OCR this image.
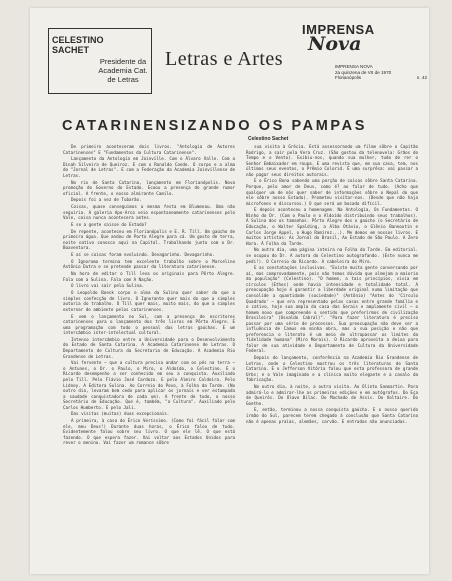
CELESTINO SACHET
Presidente da Academia Cat. de Letras
Letras e Artes
IMPRENSA
Nova
IMPRENSA NOVA
2a quinzena de VII de 1970
Florianópolis	n. 42
CATARINENSIZANDO OS PAMPAS
Celestino Sachet

De primeiro aconteceram dois livros. "Antologia de Autores Catarinenses" E "Fundamentos da Cultura Catarinense".

Lançamento da Antologia em Joinville. Com o Álvaro Valle. Com a Dinah Silveira de Queiroz. E com o Ronaldo Conde. O corpo e a alma do "Jornal de Letras". E com a Federação da Academia Joinvillense de Letras.

No rio de Santa Catarina, lançamento em Florianópolis. Nova promoção do Governo do Estado. Ecoou a presença do grande rumor oficial. A frente, o nosso almirante Camilo.

Depois foi a vez de Tubarão.

Coisas, quase conseguimos a mesma festa em Blumenau. Uma não seguiria. A galeria Apo-Arco veio espontaneamente catarinenses pelo Vale, coisa nunca acontecera antes.

E se a gente saisse do Estado?

De repente, aconteceu em Florianópolis e E. R. Till. Um gaúcho de primeira água. Que andou de Porto Alegre para cá. Um gosto de terra, noite nativo conosco aqui na Capital. Trabalhando junto com o Dr. Boaventura.

E aí se coisas foram evoluindo. Devagarinho. Devagarinho.

O Ignoramo termina tem excelente trabalho sobre o Marcelino Antônio Dutra e se pretende passar da literatura catarinense.

Na hora de editar o Till leva os originais para Pôrto Alegre. Fala com a Sulina. Fala com A Nação.

O livro vai sair pela Sulina.

O Leopoldo Boeck corpo e alma da Sulina quer saber do que a simples confecção de livro. O Ignorante quer mais do que a simples autoria do trabalho. O Till quer mais, muito mais, do que a simples externar de ambiente pelos catarinenses.

E vem o lançamento no Sul, com a presença de escritores catarinenses para o lançamento dos três livros em Pôrto Alegre. E uma programação com todo o pessoal das letras gaúchas. E um intercâmbio inter-intelectual cultural.

Intenso intercâmbio entre a Universidade para o Desenvolvimento do Estado de Santa Catarina. A Academia Catarinense de Letras. O Departamento de Cultura da Secretaria de Educação. A Academia Rio Grandense de Letras.

Vai fervente — que a cultura precisa andar com os pés na terra — o Antunes, o Dr. o Paulo, o Miro, o Aldoído, o Celestino. E o Ricardo desempenho a ser conhecido em seu a conquista. Auxiliado pelo Till. Pelo Flávio José Cardozo. E pelo Almiro Caldeira. Pelo Lidney. A Editora Sulina. Ao Correio do Povo, à Folha da Tarde. (No outro dia, levaram bem cedo para aplicar os jornais e ver estampada a saudade conquistadora de cada um). A frente de tudo, o nosso Secretário de Educação. Que é, também, "a Cultura". Auxiliado pelo Carlos Humberto. E pelo Jali.

Das visitas (muitas) duas excepcionais.

A primeira, à casa do Érico Veríssimo. (Como foi fácil falar com ele, meu Deus!) Durante duas horas, o Érico falou de tudo. Evidentemente falou sobre seu livro. O que ele lê. O que está fazendo. O que espera fazer. Vai voltar aos Estados Unidos para rever o menino. Vai fazer um romance sôbre

sua visita à Grécia. Está assessorando um filme sôbre o Capitão Rodrigo, a saír pela Vera Cruz. (São gostou da telenovela: Grãos do Tempo e o Vento). Exibiu-nos, quando sua mulher, tudo de rer o Senhor Embaixador em roupa. E uma revista que, em sua casa, tem, nos últimos seus eventos, o Prêmio Colorid. É uma surprêsa: vai passar a não pagar seus direitos autorais.

E o Érico Bona sabendo uma porção de coisas sôbre Santa Catarina. Porque, pelo amor de Deus, como é? ao falar de tudo. (Acho que qualquer um de nós quer saber de informações sôbre o Nepal do que ele sôbre nosso Estado). Prometeu visitar-nos. (Desde que não haja microfones e discursos.) O que será um bocado difícil.

E depois aconteceu a homenagem. Na Antologia, Os Fundamentos. O Ninho do Dr. (Com o Paulo e o Aldoído distribuindo seus trabalhos). A Sulina dos os tamanhos. Pôrto Alegre dos o gaúcho (o Secretário de Educação, o Walter Spalding, a Alba Otávio, o Glênio Bannoutin e Carlos Jorge Appel, o Hugo Ramírez...). Me demos em nossos livros. E muitos artistas: As Jornal do Brasil, Ao Estado de São Paulo. A Zero Hora. À Folha da Tarde.

No outro dia, uma página inteira na Folha da Tarde. Em editorial. se ocupou do Dr. A autora do Celestino autografando. (Este nunca me pedi!). O Correio do Ricardo. A cabeleira do Miro.

E as constatações inclusivas. "Existe muita gente conversando por aí, mas comprovadamente, pois não temos dúvida que almejam a maioria da população" (Celestino). "O homem, a tais princípios, vivia em círculos (Ethos) onde havia intensidade e totalidade total. A preocupação hoje é garantir a liberdade original numa limitação que consolide a quantidade (sociedade)" (Antônio) "Antes do 'Círculo Quadrado' — que era representado pelas casas entre grande família e o cativo, hoje sua ampla da casa das Gerais e amplamente civil — o homem novo que compreende o sentido que preferirmos de civilização Brasileira" (Osvaldo Cabral)". "Para fazer literatura é preciso passar por uma série de processos. Sua preocupação não deve ser a influência de Camus em minha obra, mas a sua posição e não que preferencia o literato é um meio de ultrapassar os limites da fidelidade humana" (Miro Morais). O Ricardo aproveita a deixa para falar de sua atividade e Departamento de Cultura da Universidade Federal.

Depois do lançamento, conferência na Academia Rio Grandense de Letras, onde o Celestino mostrou os três literaturas de Santa Catarina. E o Jefferson Vitória falou que esta professora de grande Urbs; e o Vale imaginado e a clínica muito elegante e a cavalo da fabricação.

No outro dia, à noite, a outra visita. Ao Olinto Sanmartin. Para admirá-lo e admirar-lhe as primeiras edições e em autógrafos. Do Eça de Queirós. Do Olavo Bilac. Do Machado de Assis. Do Voltaire. Do Goethe.

E, então, terminou a nossa conquista gaúcha. E o nosso querido irmão do Sul, parecem terem chegado à conclusão que Santa Catarina não é apenas praias, alemães, carvão. E entradas não anunciadas.
